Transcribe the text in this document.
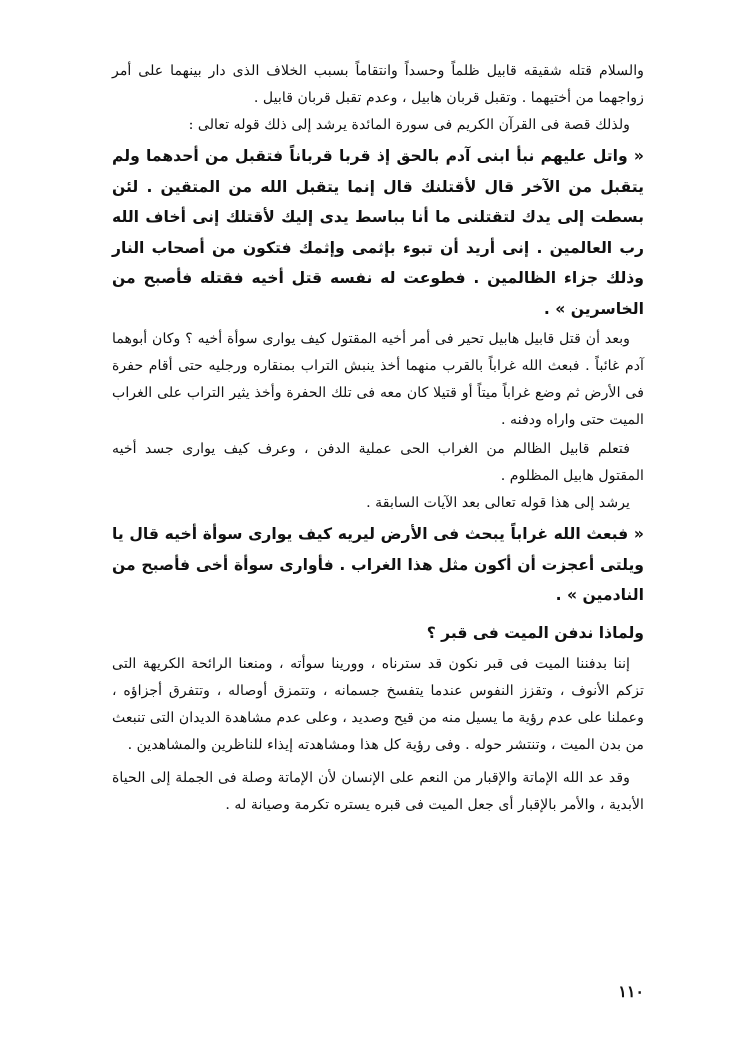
والسلام قتله شقيقه قابيل ظلماً وحسداً وانتقاماً بسبب الخلاف الذى دار بينهما على أمر زواجهما من أختيهما . وتقبل قربان هابيل ، وعدم تقبل قربان قابيل .

ولذلك قصة فى القرآن الكريم فى سورة المائدة يرشد إلى ذلك قوله تعالى :

« واتل عليهم نبأ ابنى آدم بالحق إذ قربا قرباناً فتقبل من أحدهما ولم يتقبل من الآخر قال لأقتلنك قال إنما يتقبل الله من المتقين . لئن بسطت إلى يدك لتقتلنى ما أنا بباسط يدى إليك لأقتلك إنى أخاف الله رب العالمين . إنى أريد أن تبوء بإثمى وإثمك فتكون من أصحاب النار وذلك جزاء الظالمين . فطوعت له نفسه قتل أخيه فقتله فأصبح من الخاسرين » .

وبعد أن قتل قابيل هابيل تحير فى أمر أخيه المقتول كيف يوارى سوأة أخيه ؟ وكان أبوهما آدم غائباً . فبعث الله غراباً بالقرب منهما أخذ ينبش التراب بمنقاره ورجليه حتى أقام حفرة فى الأرض ثم وضع غراباً ميتاً أو قتيلا كان معه فى تلك الحفرة وأخذ يثير التراب على الغراب الميت حتى واراه ودفنه .

فتعلم قابيل الظالم من الغراب الحى عملية الدفن ، وعرف كيف يوارى جسد أخيه المقتول هابيل المظلوم .

يرشد إلى هذا قوله تعالى بعد الآيات السابقة .

« فبعث الله غراباً يبحث فى الأرض ليريه كيف يوارى سوأة أخيه قال يا ويلتى أعجزت أن أكون مثل هذا الغراب . فأوارى سوأة أخى فأصبح من النادمين » .

ولماذا ندفن الميت فى قبر ؟

إننا بدفننا الميت فى قبر نكون قد سترناه ، وورينا سوأته ، ومنعنا الرائحة الكريهة التى تزكم الأنوف ، وتقزز النفوس عندما يتفسخ جسمانه ، وتتمزق أوصاله ، وتتفرق أجزاؤه ، وعملنا على عدم رؤية ما يسيل منه من قيح وصديد ، وعلى عدم مشاهدة الديدان التى تنبعث من بدن الميت ، وتنتشر حوله . وفى رؤية كل هذا ومشاهدته إيذاء للناظرين والمشاهدين .

وقد عد الله الإماتة والإقبار من النعم على الإنسان لأن الإماتة وصلة فى الجملة إلى الحياة الأبدية ، والأمر بالإقبار أى جعل الميت فى قبره يستره تكرمة وصيانة له .

١١٠
